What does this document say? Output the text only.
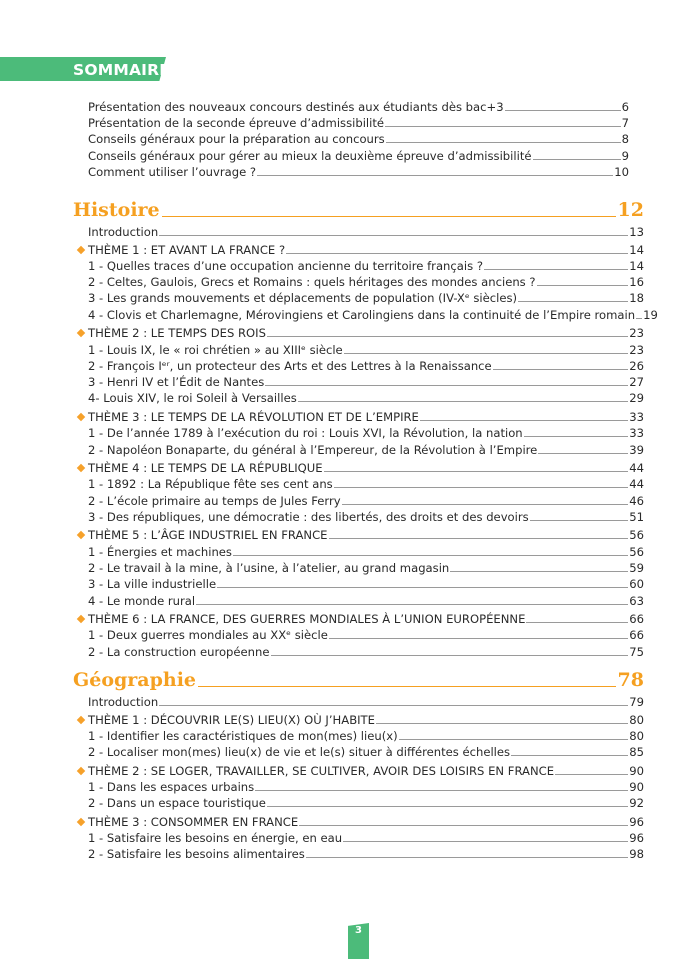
SOMMAIRE
Présentation des nouveaux concours destinés aux étudiants dès bac+3	6
Présentation de la seconde épreuve d’admissibilité	7
Conseils généraux pour la préparation au concours	8
Conseils généraux pour gérer au mieux la deuxième épreuve d’admissibilité	9
Comment utiliser l’ouvrage ?	10
Histoire	12
Introduction	13
THÈME 1 : ET AVANT LA FRANCE ?	14
1 - Quelles traces d’une occupation ancienne du territoire français ?	14
2 - Celtes, Gaulois, Grecs et Romains : quels héritages des mondes anciens ?	16
3 - Les grands mouvements et déplacements de population (IV-Xᵉ siècles)	18
4 - Clovis et Charlemagne, Mérovingiens et Carolingiens dans la continuité de l’Empire romain 19
THÈME 2 : LE TEMPS DES ROIS	23
1 - Louis IX, le « roi chrétien » au XIIIᵉ siècle	23
2 - François Iᵉʳ, un protecteur des Arts et des Lettres à la Renaissance	26
3 - Henri IV et l’Édit de Nantes	27
4- Louis XIV, le roi Soleil à Versailles	29
THÈME 3 : LE TEMPS DE LA RÉVOLUTION ET DE L’EMPIRE	33
1 - De l’année 1789 à l’exécution du roi : Louis XVI, la Révolution, la nation	33
2 - Napoléon Bonaparte, du général à l’Empereur, de la Révolution à l’Empire	39
THÈME 4 : LE TEMPS DE LA RÉPUBLIQUE	44
1 - 1892 : La République fête ses cent ans	44
2 - L’école primaire au temps de Jules Ferry	46
3 - Des républiques, une démocratie : des libertés, des droits et des devoirs	51
THÈME 5 : L’ÂGE INDUSTRIEL EN FRANCE	56
1 - Énergies et machines	56
2 - Le travail à la mine, à l’usine, à l’atelier, au grand magasin	59
3 - La ville industrielle	60
4 - Le monde rural	63
THÈME 6 : LA FRANCE, DES GUERRES MONDIALES À L’UNION EUROPÉENNE	66
1 - Deux guerres mondiales au XXᵉ siècle	66
2 - La construction européenne	75
Géographie	78
Introduction	79
THÈME 1 : DÉCOUVRIR LE(S) LIEU(X) OÙ J’HABITE	80
1 - Identifier les caractéristiques de mon(mes) lieu(x)	80
2 - Localiser mon(mes) lieu(x) de vie et le(s) situer à différentes échelles	85
THÈME 2 : SE LOGER, TRAVAILLER, SE CULTIVER, AVOIR DES LOISIRS EN FRANCE	90
1 - Dans les espaces urbains	90
2 - Dans un espace touristique	92
THÈME 3 : CONSOMMER EN FRANCE	96
1 - Satisfaire les besoins en énergie, en eau	96
2 - Satisfaire les besoins alimentaires	98
3
